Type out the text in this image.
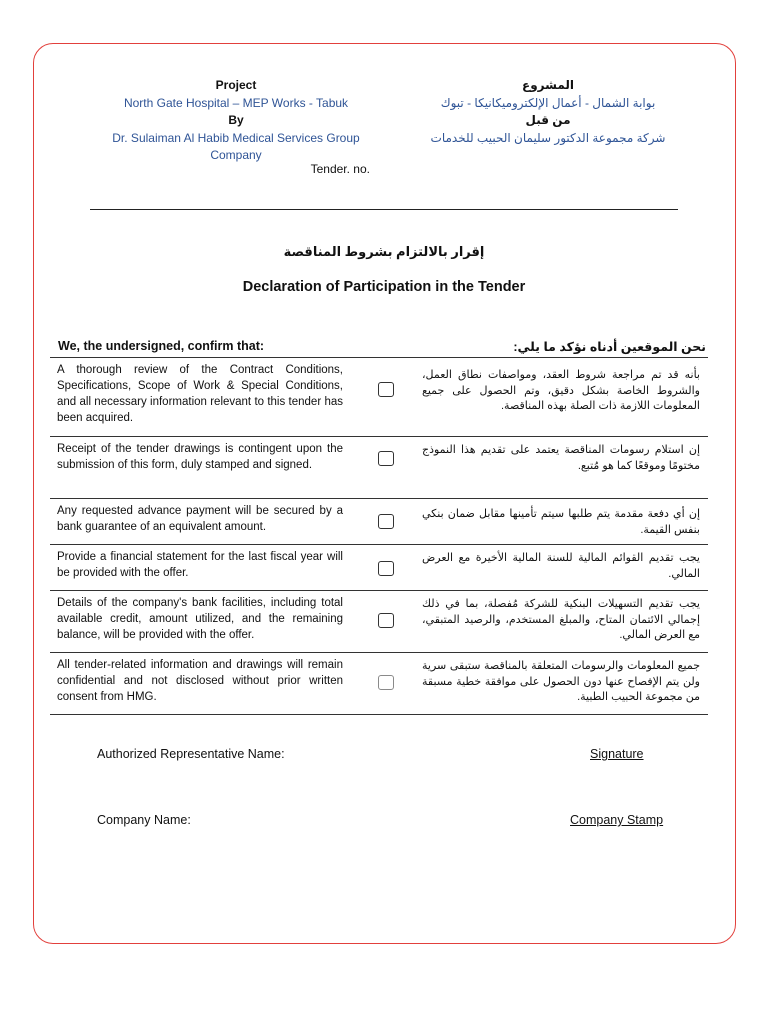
Project
North Gate Hospital – MEP Works - Tabuk
By
Dr. Sulaiman Al Habib Medical Services Group Company
Tender. no.
المشروع
بوابة الشمال - أعمال الإلكتروميكانيكا - تبوك
من قبل
شركة مجموعة الدكتور سليمان الحبيب للخدمات
إقرار بالالتزام بشروط المناقصة
Declaration of Participation in the Tender
We, the undersigned, confirm that:	نحن الموقعين أدناه نؤكد ما يلي:
A thorough review of the Contract Conditions, Specifications, Scope of Work & Special Conditions, and all necessary information relevant to this tender has been acquired.
بأنه قد تم مراجعة شروط العقد، ومواصفات نطاق العمل، والشروط الخاصة بشكل دقيق، وتم الحصول على جميع المعلومات اللازمة ذات الصلة بهذه المناقصة.
Receipt of the tender drawings is contingent upon the submission of this form, duly stamped and signed.
إن استلام رسومات المناقصة يعتمد على تقديم هذا النموذج مختومًا وموقعًا كما هو مُتبع.
Any requested advance payment will be secured by a bank guarantee of an equivalent amount.
إن أي دفعة مقدمة يتم طلبها سيتم تأمينها مقابل ضمان بنكي بنفس القيمة.
Provide a financial statement for the last fiscal year will be provided with the offer.
يجب تقديم القوائم المالية للسنة المالية الأخيرة مع العرض المالي.
Details of the company's bank facilities, including total available credit, amount utilized, and the remaining balance, will be provided with the offer.
يجب تقديم التسهيلات البنكية للشركة مُفصلة، بما في ذلك إجمالي الائتمان المتاح، والمبلغ المستخدم، والرصيد المتبقي، مع العرض المالي.
All tender-related information and drawings will remain confidential and not disclosed without prior written consent from HMG.
جميع المعلومات والرسومات المتعلقة بالمناقصة ستبقى سرية ولن يتم الإفصاح عنها دون الحصول على موافقة خطية مسبقة من مجموعة الحبيب الطبية.
Authorized Representative Name:	Signature
Company Name:	Company Stamp
